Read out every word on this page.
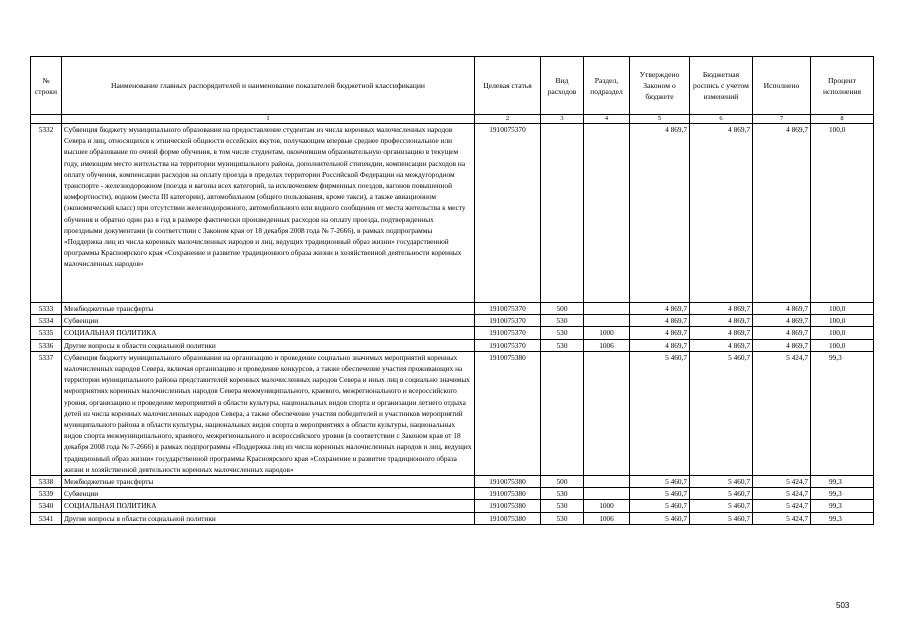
№ строки	Наименование главных распорядителей и наименование показателей бюджетной классификации	Целевая статья	Вид расходов	Раздел, подраздел	Утверждено Законом о бюджете	Бюджетная роспись с учетом изменений	Исполнено	Процент исполнения
	1	2	3	4	5	6	7	8
5332	Субвенция бюджету муниципального образования на предоставление студентам из числа коренных малочисленных народов Севера и лиц, относящихся к этнической общности ессейских якутов, получающим впервые среднее профессиональное или высшее образование по очной форме обучения, в том числе студентам, окончившим образовательную организацию в текущем году, имеющим место жительства на территории муниципального района, дополнительной стипендии, компенсации расходов на оплату обучения, компенсации расходов на оплату проезда в пределах территории Российской Федерации на междугородном транспорте - железнодорожном (поезда и вагоны всех категорий, за исключением фирменных поездов, вагонов повышенной комфортности), водном (места III категории), автомобильном (общего пользования, кроме такси), а также авиационном (экономический класс) при отсутствии железнодорожного, автомобильного или водного сообщения от места жительства к месту обучения и обратно один раз в год в размере фактически произведенных расходов на оплату проезда, подтвержденных проездными документами (в соответствии с Законом края от 18 декабря 2008 года № 7-2666), в рамках подпрограммы «Поддержка лиц из числа коренных малочисленных народов и лиц, ведущих традиционный образ жизни» государственной программы Красноярского края «Сохранение и развитие традиционного образа жизни и хозяйственной деятельности коренных малочисленных народов»	1910075370			4 869,7	4 869,7	4 869,7	100,0
5333	Межбюджетные трансферты	1910075370	500		4 869,7	4 869,7	4 869,7	100,0
5334	Субвенции	1910075370	530		4 869,7	4 869,7	4 869,7	100,0
5335	СОЦИАЛЬНАЯ ПОЛИТИКА	1910075370	530	1000	4 869,7	4 869,7	4 869,7	100,0
5336	Другие вопросы в области социальной политики	1910075370	530	1006	4 869,7	4 869,7	4 869,7	100,0
5337	Субвенция бюджету муниципального образования на организацию и проведение социально значимых мероприятий коренных малочисленных народов Севера, включая организацию и проведение конкурсов, а также обеспечение участия проживающих на территории муниципального района представителей коренных малочисленных народов Севера и иных лиц в социально значимых мероприятиях коренных малочисленных народов Севера межмуниципального, краевого, межрегионального и всероссийского уровня, организацию и проведение мероприятий в области культуры, национальных видов спорта и организации летнего отдыха детей из числа коренных малочисленных народов Севера, а также обеспечение участия победителей и участников мероприятий муниципального района в области культуры, национальных видов спорта в мероприятиях в области культуры, национальных видов спорта межмуниципального, краевого, межрегионального и всероссийского уровня (в соответствии с Законом края от 18 декабря 2008 года № 7-2666) в рамках подпрограммы «Поддержка лиц из числа коренных малочисленных народов и лиц, ведущих традиционный образ жизни» государственной программы Красноярского края «Сохранение и развитие традиционного образа жизни и хозяйственной деятельности коренных малочисленных народов»	1910075380			5 460,7	5 460,7	5 424,7	99,3
5338	Межбюджетные трансферты	1910075380	500		5 460,7	5 460,7	5 424,7	99,3
5339	Субвенции	1910075380	530		5 460,7	5 460,7	5 424,7	99,3
5340	СОЦИАЛЬНАЯ ПОЛИТИКА	1910075380	530	1000	5 460,7	5 460,7	5 424,7	99,3
5341	Другие вопросы в области социальной политики	1910075380	530	1006	5 460,7	5 460,7	5 424,7	99,3
503
